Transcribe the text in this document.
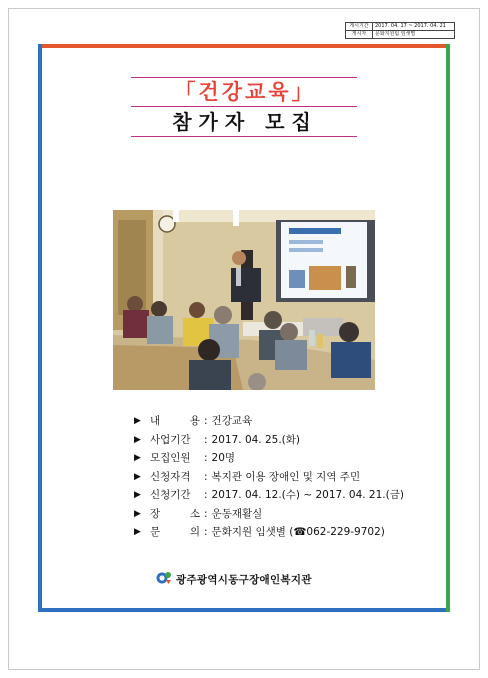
게시기간	2017. 04. 17 ~ 2017. 04. 21
게시자	문화지원팀 임샛별
「건강교육」
참가자 모집
▶ 내 용 : 건강교육
▶ 사업기간	: 2017. 04. 25.(화)
▶ 모집인원	: 20명
▶ 신청자격	: 복지관 이용 장애인 및 지역 주민
▶ 신청기간	: 2017. 04. 12.(수) ~ 2017. 04. 21.(금)
▶ 장 소 : 운동재활실
▶ 문 의 : 문화지원 임샛별 (☎062-229-9702)
광주광역시동구장애인복지관
